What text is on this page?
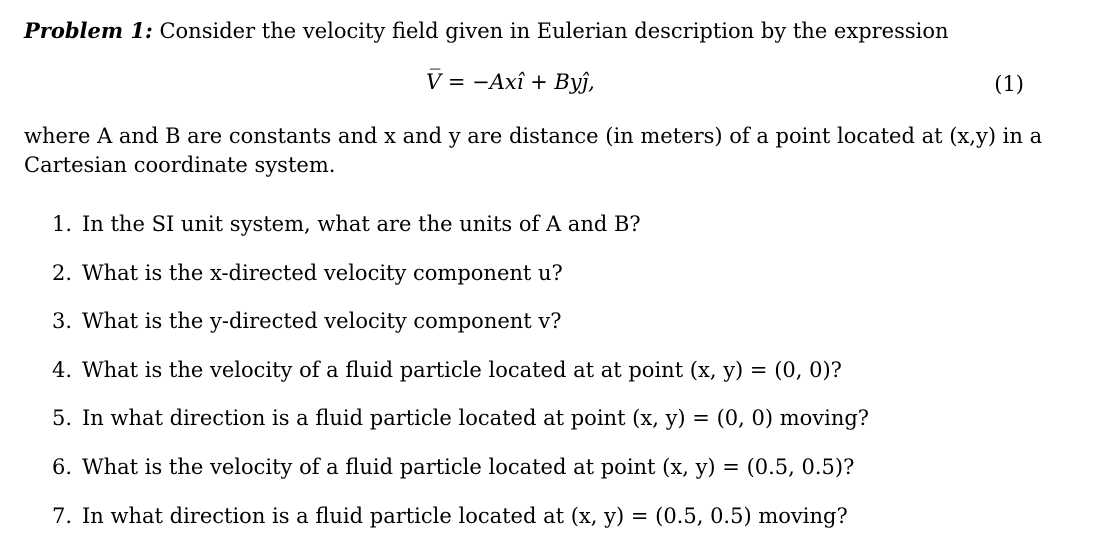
Problem 1: Consider the velocity field given in Eulerian description by the expression
V̅ = −Axî + Byĵ,	(1)
where A and B are constants and x and y are distance (in meters) of a point located at (x,y) in a
Cartesian coordinate system.
1. In the SI unit system, what are the units of A and B?
2. What is the x-directed velocity component u?
3. What is the y-directed velocity component v?
4. What is the velocity of a fluid particle located at at point (x, y) = (0, 0)?
5. In what direction is a fluid particle located at point (x, y) = (0, 0) moving?
6. What is the velocity of a fluid particle located at point (x, y) = (0.5, 0.5)?
7. In what direction is a fluid particle located at (x, y) = (0.5, 0.5) moving?
